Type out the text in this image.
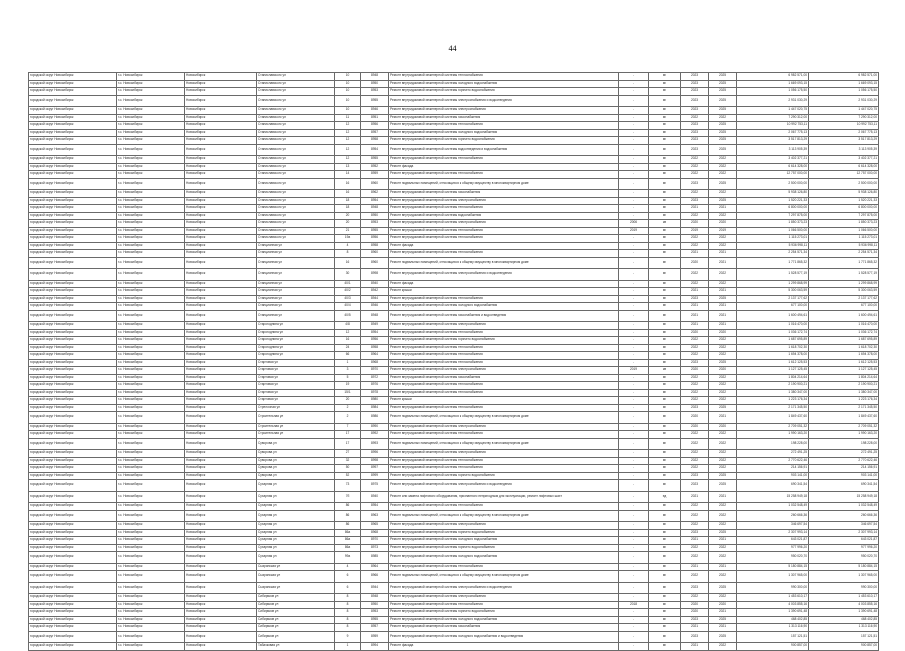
44
городской округ Новосибирск	г.о. Новосибирск	Новосибирск	Станиславского ул	10	8948	Ремонт внутридомовой инженерной системы теплоснабжения	-	м²	2023	2025	6 982 571,00	6 982 571,00
городской округ Новосибирск	г.о. Новосибирск	Новосибирск	Станиславского ул	10	8950	Ремонт внутридомовой инженерной системы холодного водоснабжения	-	м²	2023	2025	1 669 093,15	1 669 093,15
городской округ Новосибирск	г.о. Новосибирск	Новосибирск	Станиславского ул	10	8953	Ремонт внутридомовой инженерной системы горячего водоснабжения	-	м²	2023	2025	1 056 175,50	1 056 175,50
городской округ Новосибирск	г.о. Новосибирск	Новосибирск	Станиславского ул	10	8955	Ремонт внутридомовой инженерной системы электроснабжения и водоотведения	-	м²	2023	2025	2 931 030,29	2 931 030,29
городской округ Новосибирск	г.о. Новосибирск	Новосибирск	Станиславского ул	10	8946	Ремонт внутридомовой инженерной системы электроснабжения	-	м²	2023	2025	1 447 020,75	1 447 020,75
городской округ Новосибирск	г.о. Новосибирск	Новосибирск	Станиславского ул	11	8951	Ремонт внутридомовой инженерной системы газоснабжения	-	м²	2022	2022	7 290 312,00	7 290 312,00
городской округ Новосибирск	г.о. Новосибирск	Новосибирск	Станиславского ул	12	8956	Ремонт внутридомовой инженерной системы теплоснабжения	-	м²	2023	2025	10 992 753,11	10 992 753,11
городской округ Новосибирск	г.о. Новосибирск	Новосибирск	Станиславского ул	12	8957	Ремонт внутридомовой инженерной системы холодного водоснабжения	-	м²	2023	2025	2 067 775,13	2 067 775,13
городской округ Новосибирск	г.о. Новосибирск	Новосибирск	Станиславского ул	12	8958	Ремонт внутридомовой инженерной системы горячего водоснабжения	-	м²	2023	2025	3 517 813,29	3 517 813,29
городской округ Новосибирск	г.о. Новосибирск	Новосибирск	Станиславского ул	12	8954	Ремонт внутридомовой инженерной системы водоотведения и водоснабжения	-	м²	2023	2025	3 113 905,39	3 113 905,39
городской округ Новосибирск	г.о. Новосибирск	Новосибирск	Станиславского ул	12	8955	Ремонт внутридомовой инженерной системы теплоснабжения	-	м²	2022	2022	3 402 377,21	3 402 377,21
городской округ Новосибирск	г.о. Новосибирск	Новосибирск	Станиславского ул	13	8952	Ремонт фасада	-	м²	2022	2022	6 614 328,00	6 614 328,00
городской округ Новосибирск	г.о. Новосибирск	Новосибирск	Станиславского ул	14	8959	Ремонт внутридомовой инженерной системы теплоснабжения	-	м²	2022	2022	12 757 000,00	12 757 000,00
городской округ Новосибирск	г.о. Новосибирск	Новосибирск	Станиславского ул	16	8960	Ремонт подвальных помещений, относящихся к общему имуществу в многоквартирном доме	-	м²	2023	2025	2 500 000,00	2 500 000,00
городской округ Новосибирск	г.о. Новосибирск	Новосибирск	Станиславского ул	16	8962	Ремонт внутридомовой инженерной системы газоснабжения	-	м²	2022	2022	5 938 126,80	5 938 126,80
городской округ Новосибирск	г.о. Новосибирск	Новосибирск	Станиславского ул	18	8954	Ремонт внутридомовой инженерной системы электроснабжения	-	м²	2023	2025	1 520 221,33	1 520 221,33
городской округ Новосибирск	г.о. Новосибирск	Новосибирск	Станиславского ул	18	8948	Ремонт внутридомовой инженерной системы теплоснабжения	-	м²	2021	2021	6 800 000,00	6 800 000,00
городской округ Новосибирск	г.о. Новосибирск	Новосибирск	Станиславского ул	20	8950	Ремонт внутридомовой инженерной системы водоснабжения	-	м²	2022	2022	7 297 875,00	7 297 875,00
городской округ Новосибирск	г.о. Новосибирск	Новосибирск	Станиславского ул	20	8953	Ремонт внутридомовой инженерной системы электроснабжения	2006	кв	2020	2020	1 850 373,23	1 850 373,23
городской округ Новосибирск	г.о. Новосибирск	Новосибирск	Станиславского ул	21	8955	Ремонт внутридомовой инженерной системы теплоснабжения	2019	м²	2019	2019	1 066 500,00	1 066 500,00
городской округ Новосибирск	г.о. Новосибирск	Новосибирск	Станиславского ул	19а	8956	Ремонт внутридомовой инженерной системы теплоснабжения	-	м²	2022	2022	1 115 273,01	1 115 273,01
городской округ Новосибирск	г.о. Новосибирск	Новосибирск	Станционная ул	4	8958	Ремонт фасада	-	м²	2022	2022	5 936 998,11	5 936 998,11
городской округ Новосибирск	г.о. Новосибирск	Новосибирск	Станционная ул	8	8960	Ремонт внутридомовой инженерной системы теплоснабжения	-	м²	2021	2021	2 254 571,34	2 254 571,34
городской округ Новосибирск	г.о. Новосибирск	Новосибирск	Станционная ул	16	8960	Ремонт подвальных помещений, относящихся к общему имуществу в многоквартирном доме	-	м²	2020	2021	1 771 865,32	1 771 865,32
городской округ Новосибирск	г.о. Новосибирск	Новосибирск	Станционная ул	30	8998	Ремонт внутридомовой инженерной системы электроснабжения и водоотведения	-	м²	2022	2022	1 528 577,19	1 528 577,19
городской округ Новосибирск	г.о. Новосибирск	Новосибирск	Станционная ул	40/1	8940	Ремонт фасада	-	м²	2022	2022	1 299 868,99	1 299 868,99
городской округ Новосибирск	г.о. Новосибирск	Новосибирск	Станционная ул	40/2	8942	Ремонт крыши	-	м²	2021	2021	5 300 063,59	5 300 063,59
городской округ Новосибирск	г.о. Новосибирск	Новосибирск	Станционная ул	40/3	8944	Ремонт внутридомовой инженерной системы теплоснабжения	-	м²	2023	2025	2 137 177,62	2 137 177,62
городской округ Новосибирск	г.о. Новосибирск	Новосибирск	Станционная ул	40/4	8946	Ремонт внутридомовой инженерной системы холодного водоснабжения	-	м²	2021	2021	677 100,00	677 100,00
городской округ Новосибирск	г.о. Новосибирск	Новосибирск	Станционная ул	40/5	8948	Ремонт внутридомовой инженерной системы газоснабжения и водоотведения	-	м²	2021	2021	1 600 494,61	1 600 494,61
городской округ Новосибирск	г.о. Новосибирск	Новосибирск	Старогоднина ул	4/8	8949	Ремонт внутридомовой инженерной системы электроснабжения	-	м²	2021	2021	1 016 470,00	1 016 470,00
городской округ Новосибирск	г.о. Новосибирск	Новосибирск	Старогоднина ул	12	8954	Ремонт внутридомовой инженерной системы теплоснабжения	-	м²	2020	2020	1 036 172,74	1 036 172,74
городской округ Новосибирск	г.о. Новосибирск	Новосибирск	Старогоднина ул	16	8956	Ремонт внутридомовой инженерной системы горячего водоснабжения	-	м²	2022	2022	1 687 695,89	1 687 695,89
городской округ Новосибирск	г.о. Новосибирск	Новосибирск	Старогоднина ул	24	8958	Ремонт внутридомовой инженерной системы теплоснабжения	-	м²	2022	2022	1 618 702,30	1 618 702,30
городской округ Новосибирск	г.о. Новосибирск	Новосибирск	Старогоднина ул	66	8964	Ремонт внутридомовой инженерной системы теплоснабжения	-	м²	2022	2022	1 694 378,00	1 694 378,00
городской округ Новосибирск	г.о. Новосибирск	Новосибирск	Стартовая ул	1	8968	Ремонт внутридомовой инженерной системы теплоснабжения	-	м²	2023	2025	1 612 125,53	1 612 125,53
городской округ Новосибирск	г.о. Новосибирск	Новосибирск	Стартовая ул	3	8970	Ремонт внутридомовой инженерной системы электроснабжения	2019	кв	2020	2020	1 127 125,45	1 127 125,45
городской округ Новосибирск	г.о. Новосибирск	Новосибирск	Стартовая ул	5	8972	Ремонт внутридомовой инженерной системы газоснабжения	-	м²	2022	2022	1 804 214,64	1 804 214,64
городской округ Новосибирск	г.о. Новосибирск	Новосибирск	Стартовая ул	19	8976	Ремонт внутридомовой инженерной системы теплоснабжения	-	м²	2022	2022	2 190 900,21	2 190 900,21
городской округ Новосибирск	г.о. Новосибирск	Новосибирск	Стартовая ул	15/1	8978	Ремонт внутридомовой инженерной системы теплоснабжения	-	м²	2022	2022	1 380 347,00	1 380 347,00
городской округ Новосибирск	г.о. Новосибирск	Новосибирск	Стартовая ул	20	8980	Ремонт крыши	-	м²	2022	2022	1 223 176,34	1 223 176,34
городской округ Новосибирск	г.о. Новосибирск	Новосибирск	Стрелочная ул	2	8984	Ремонт внутридомовой инженерной системы теплоснабжения	-	м²	2023	2025	2 171 345,50	2 171 345,50
городской округ Новосибирск	г.о. Новосибирск	Новосибирск	Строительная ул	2	8986	Ремонт подвальных помещений, относящихся к общему имуществу в многоквартирном доме	-	м²	2020	2021	1 849 437,60	1 849 437,60
городской округ Новосибирск	г.о. Новосибирск	Новосибирск	Строительная ул	7	8990	Ремонт внутридомовой инженерной системы электроснабжения	-	м²	2020	2020	2 709 051,32	2 709 051,32
городской округ Новосибирск	г.о. Новосибирск	Новосибирск	Строительная ул	17	8992	Ремонт внутридомовой инженерной системы теплоснабжения	-	м²	2022	2022	1 990 163,20	1 990 163,20
городской округ Новосибирск	г.о. Новосибирск	Новосибирск	Суворова ул	17	8993	Ремонт подвальных помещений, относящихся к общему имуществу в многоквартирном доме	-	м²	2022	2022	198 228,00	198 228,00
городской округ Новосибирск	г.о. Новосибирск	Новосибирск	Суворова ул	27	8996	Ремонт внутридомовой инженерной системы электроснабжения	-	м²	2022	2022	272 491,25	272 491,25
городской округ Новосибирск	г.о. Новосибирск	Новосибирск	Суворова ул	32	8998	Ремонт внутридомовой инженерной системы теплоснабжения	-	м²	2022	2022	2 770 622,46	2 770 622,46
городской округ Новосибирск	г.о. Новосибирск	Новосибирск	Суворова ул	50	8997	Ремонт внутридомовой инженерной системы теплоснабжения	-	м²	2022	2022	214 156,91	214 156,91
городской округ Новосибирск	г.о. Новосибирск	Новосибирск	Суворова ул	52	8999	Ремонт внутридомовой инженерной системы горячего водоснабжения	-	м²	2023	2025	903 141,00	903 141,00
городской округ Новосибирск	г.о. Новосибирск	Новосибирск	Сухарная ул	73	8975	Ремонт внутридомовой инженерной системы электроснабжения и водоотведения	-	м²	2023	2025	690 341,54	690 341,54
городской округ Новосибирск	г.о. Новосибирск	Новосибирск	Сухарная ул	7б	8940	Ремонт или замена лифтового оборудования, признанного непригодным для эксплуатации, ремонт лифтовых шахт	-	ед	2021	2021	15 258 949,18	15 258 949,18
городской округ Новосибирск	г.о. Новосибирск	Новосибирск	Сухарная ул	86	8954	Ремонт внутридомовой инженерной системы теплоснабжения	-	м²	2022	2022	1 032 548,49	1 032 548,49
городской округ Новосибирск	г.о. Новосибирск	Новосибирск	Сухарная ул	86	8963	Ремонт подвальных помещений, относящихся к общему имуществу в многоквартирном доме	-	м²	2022	2022	260 666,36	260 666,36
городской округ Новосибирск	г.о. Новосибирск	Новосибирск	Сухарная ул	86	8965	Ремонт внутридомовой инженерной системы электроснабжения	-	м²	2022	2022	346 697,54	346 697,54
городской округ Новосибирск	г.о. Новосибирск	Новосибирск	Сухарная ул	86а	8968	Ремонт внутридомовой инженерной системы горячего водоснабжения	-	м²	2023	2025	2 307 993,14	2 307 993,14
городской округ Новосибирск	г.о. Новосибирск	Новосибирск	Сухарная ул	86а	8970	Ремонт внутридомовой инженерной системы холодного водоснабжения	-	м²	2021	2021	643 021,87	643 021,87
городской округ Новосибирск	г.о. Новосибирск	Новосибирск	Сухарная ул	86а	8973	Ремонт внутридомовой инженерной системы горячего водоснабжения	-	м²	2022	2022	977 996,20	977 996,20
городской округ Новосибирск	г.о. Новосибирск	Новосибирск	Сухарная ул	99а	8985	Ремонт внутридомовой инженерной системы холодного водоснабжения	-	м²	2022	2022	950 020,70	950 020,70
городской округ Новосибирск	г.о. Новосибирск	Новосибирск	Сызранская ул	4	8964	Ремонт внутридомовой инженерной системы теплоснабжения	-	м²	2021	2021	5 180 884,15	5 180 884,15
городской округ Новосибирск	г.о. Новосибирск	Новосибирск	Сызранская ул	6	8966	Ремонт подвальных помещений, относящихся к общему имуществу в многоквартирном доме	-	м²	2022	2022	1 307 965,00	1 307 965,00
городской округ Новосибирск	г.о. Новосибирск	Новосибирск	Сызранская ул	6	8944	Ремонт внутридомовой инженерной системы электроснабжения и водоотведения	-	м²	2023	2025	990 300,00	990 300,00
городской округ Новосибирск	г.о. Новосибирск	Новосибирск	Сибиряков ул	8	8948	Ремонт внутридомовой инженерной системы электроснабжения	-	м²	2022	2022	1 453 610,17	1 453 610,17
городской округ Новосибирск	г.о. Новосибирск	Новосибирск	Сибиряков ул	8	8950	Ремонт внутридомовой инженерной системы теплоснабжения	2018	м²	2020	2020	4 003 855,16	4 003 855,16
городской округ Новосибирск	г.о. Новосибирск	Новосибирск	Сибиряков ул	8	8953	Ремонт внутридомовой инженерной системы горячего водоснабжения	-	м²	2020	2021	1 390 691,48	1 390 691,48
городской округ Новосибирск	г.о. Новосибирск	Новосибирск	Сибиряков ул	8	8955	Ремонт внутридомовой инженерной системы холодного водоснабжения	-	м²	2023	2025	468 402,85	468 402,85
городской округ Новосибирск	г.о. Новосибирск	Новосибирск	Сибиряков ул	8	8957	Ремонт внутридомовой инженерной системы газоснабжения	-	м²	2021	2021	1 313 116,90	1 313 116,90
городской округ Новосибирск	г.о. Новосибирск	Новосибирск	Сибиряков ул	9	8959	Ремонт внутридомовой инженерной системы холодного водоснабжения и водоотведения	-	м²	2023	2025	157 121,51	157 121,51
городской округ Новосибирск	г.о. Новосибирск	Новосибирск	Табачковая ул	1	8994	Ремонт фасада	-	м²	2021	2022	900 857,00	900 857,00
